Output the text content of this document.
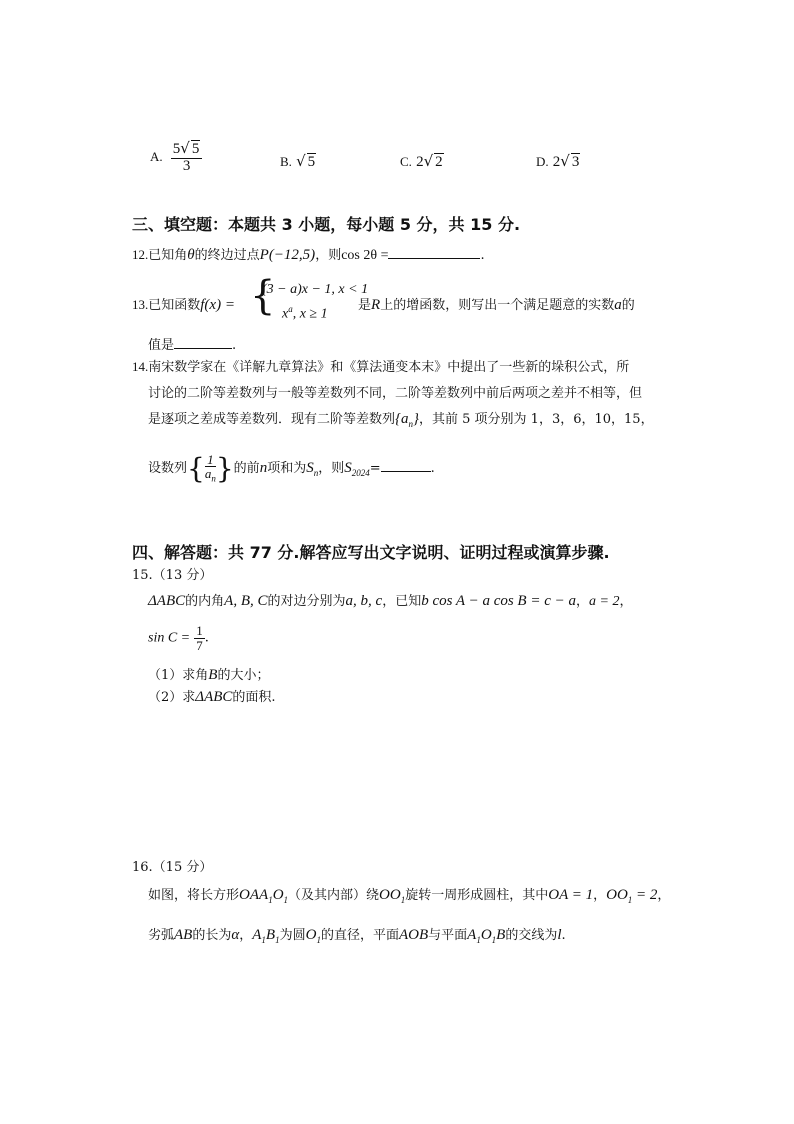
A. $\frac{5√ 5}{3}$	B. √ 5	C. 2√ 2	D. 2√ 3
三、填空题：本题共 3 小题，每小题 5 分，共 15 分.
12.已知角θ的终边过点P(−12,5)，则cos 2θ =	.
13.已知函数f(x) = {
(3 − a)x − 1, x < 1
$x^a$, x ≥ 1
是R上的增函数，则写出一个满足题意的实数a的
值是	.
14.南宋数学家在《详解九章算法》和《算法通变本末》中提出了一些新的垛积公式，所
讨论的二阶等差数列与一般等差数列不同，二阶等差数列中前后两项之差并不相等，但
是逐项之差成等差数列．现有二阶等差数列$\{a_n\}$，其前 5 项分别为 1，3，6，10，15，
设数列{ $\frac{1}{a_n}$ }的前n项和为$S_n$，则$S_{2024}=$	.
四、解答题：共 77 分.解答应写出文字说明、证明过程或演算步骤.
15.（13 分）
ΔABC的内角A, B, C的对边分别为a, b, c，已知b cos A − a cos B = c − a，a = 2，
$\sin C = \frac{1}{7}$ .
（1）求角B的大小；
（2）求ΔABC的面积.
16.（15 分）
如图，将长方形$OAA_1O_1$（及其内部）绕$OO_1$旋转一周形成圆柱，其中OA = 1，$OO_1 = 2$，
劣弧AB的长为α，$A_1B_1$为圆$O_1$的直径，平面AOB与平面$A_1O_1B$的交线为l.
